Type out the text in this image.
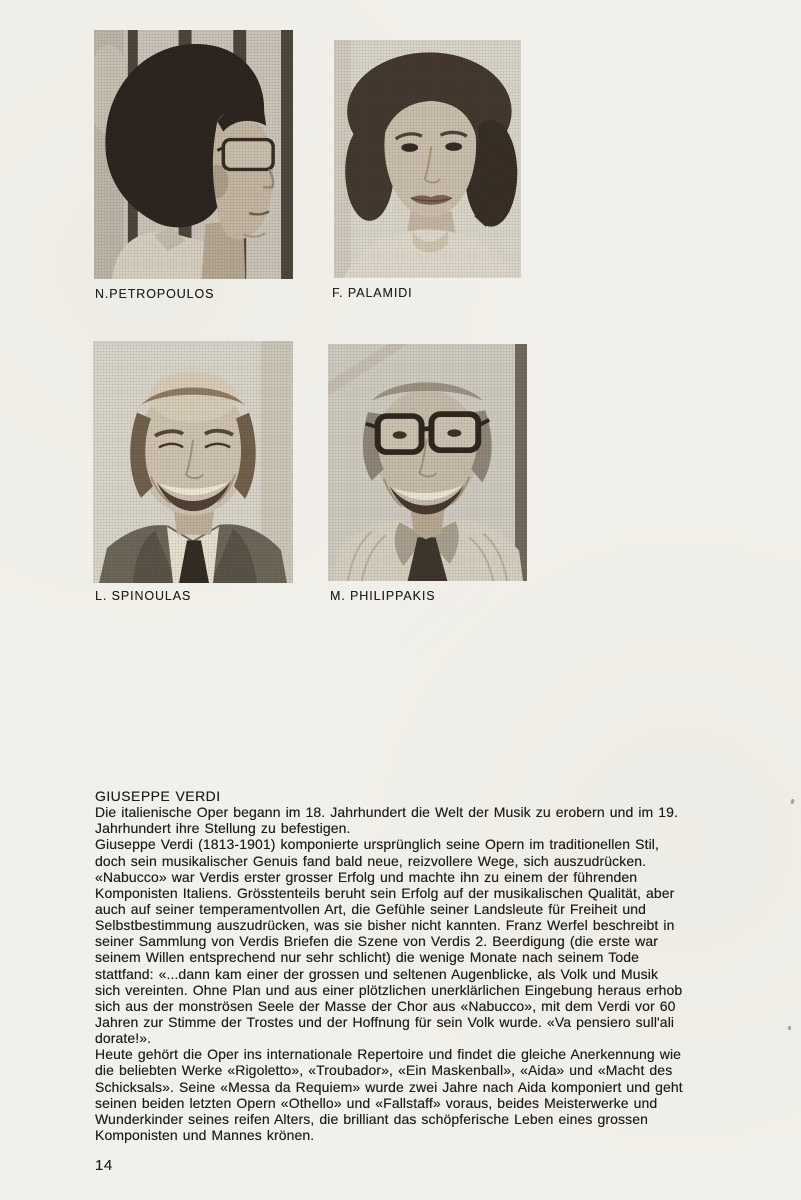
N.PETROPOULOS	F. PALAMIDI
L. SPINOULAS	M. PHILIPPAKIS
GIUSEPPE VERDI
Die italienische Oper begann im 18. Jahrhundert die Welt der Musik zu erobern und im 19.
Jahrhundert ihre Stellung zu befestigen.
Giuseppe Verdi (1813-1901) komponierte ursprünglich seine Opern im traditionellen Stil,
doch sein musikalischer Genuis fand bald neue, reizvollere Wege, sich auszudrücken.
«Nabucco» war Verdis erster grosser Erfolg und machte ihn zu einem der führenden
Komponisten Italiens. Grösstenteils beruht sein Erfolg auf der musikalischen Qualität, aber
auch auf seiner temperamentvollen Art, die Gefühle seiner Landsleute für Freiheit und
Selbstbestimmung auszudrücken, was sie bisher nicht kannten. Franz Werfel beschreibt in
seiner Sammlung von Verdis Briefen die Szene von Verdis 2. Beerdigung (die erste war
seinem Willen entsprechend nur sehr schlicht) die wenige Monate nach seinem Tode
stattfand: «...dann kam einer der grossen und seltenen Augenblicke, als Volk und Musik
sich vereinten. Ohne Plan und aus einer plötzlichen unerklärlichen Eingebung heraus erhob
sich aus der monströsen Seele der Masse der Chor aus «Nabucco», mit dem Verdi vor 60
Jahren zur Stimme der Trostes und der Hoffnung für sein Volk wurde. «Va pensiero sull'ali
dorate!».
Heute gehört die Oper ins internationale Repertoire und findet die gleiche Anerkennung wie
die beliebten Werke «Rigoletto», «Troubador», «Ein Maskenball», «Aida» und «Macht des
Schicksals». Seine «Messa da Requiem» wurde zwei Jahre nach Aida komponiert und geht
seinen beiden letzten Opern «Othello» und «Fallstaff» voraus, beides Meisterwerke und
Wunderkinder seines reifen Alters, die brilliant das schöpferische Leben eines grossen
Komponisten und Mannes krönen.
14
